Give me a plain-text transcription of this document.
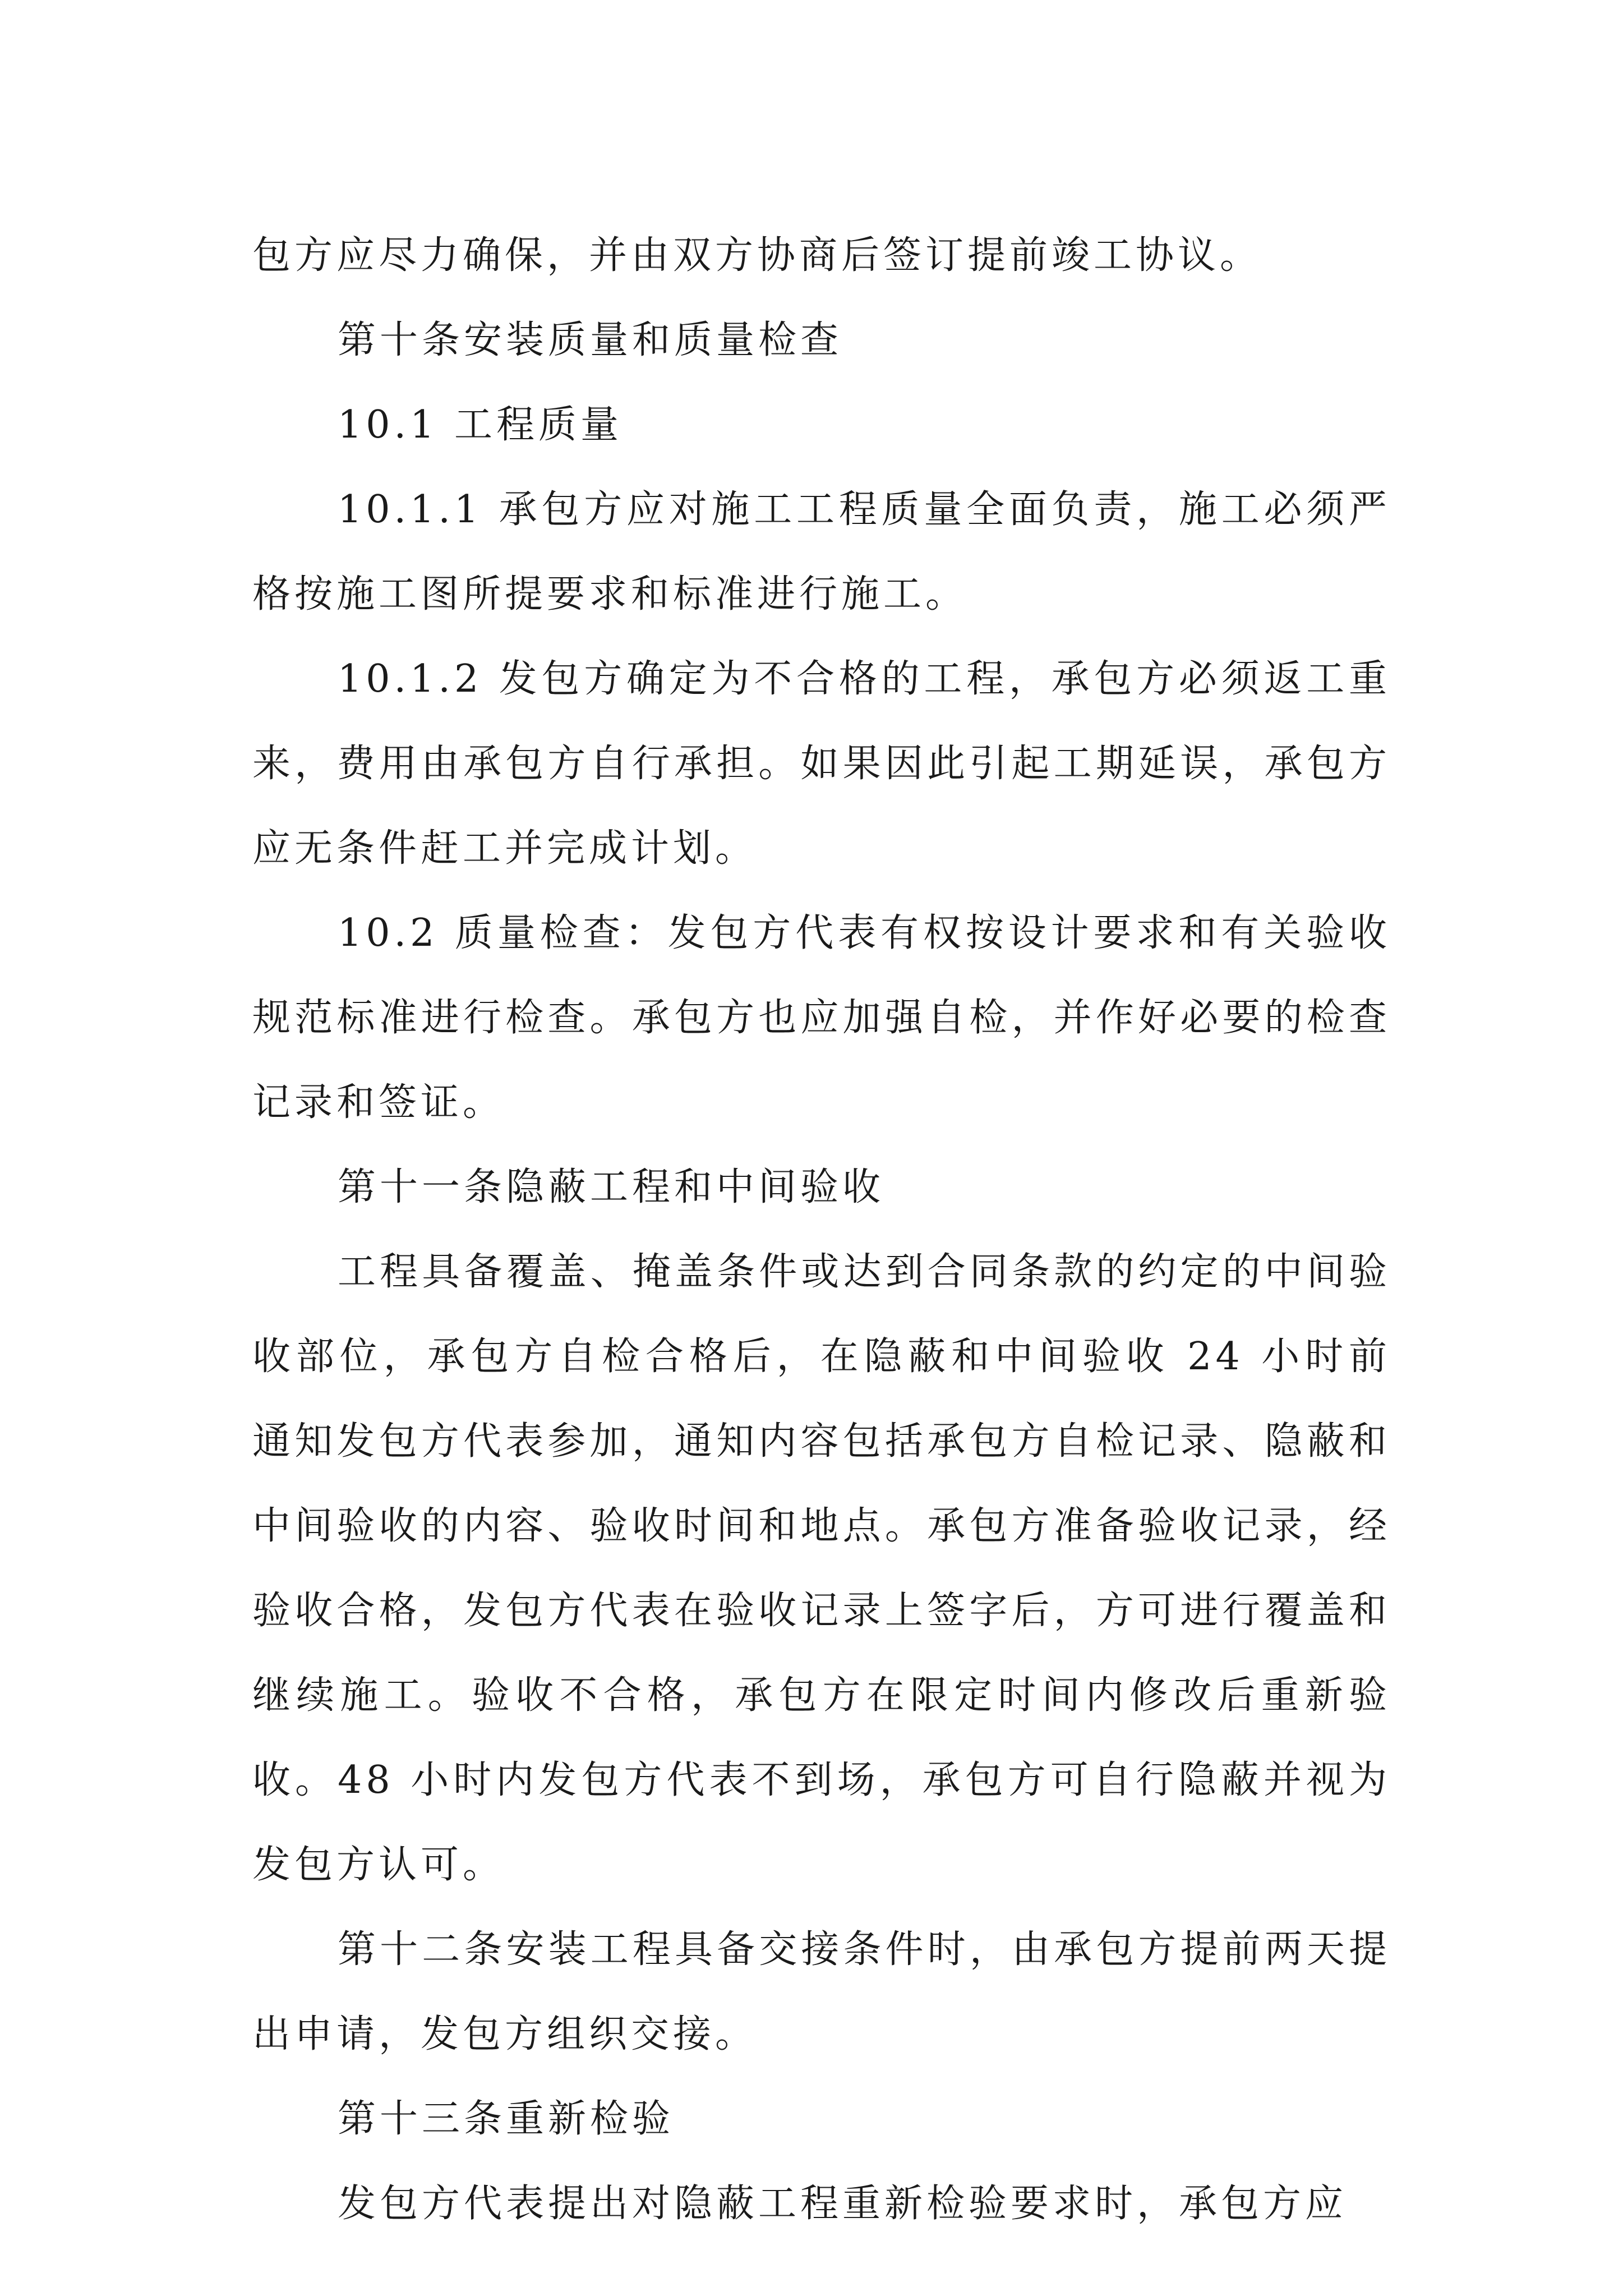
包方应尽力确保，并由双方协商后签订提前竣工协议。

第十条安装质量和质量检查

10.1 工程质量

10.1.1 承包方应对施工工程质量全面负责，施工必须严格按施工图所提要求和标准进行施工。

10.1.2 发包方确定为不合格的工程，承包方必须返工重来，费用由承包方自行承担。如果因此引起工期延误，承包方应无条件赶工并完成计划。

10.2 质量检查：发包方代表有权按设计要求和有关验收规范标准进行检查。承包方也应加强自检，并作好必要的检查记录和签证。

第十一条隐蔽工程和中间验收

工程具备覆盖、掩盖条件或达到合同条款的约定的中间验收部位，承包方自检合格后，在隐蔽和中间验收 24 小时前通知发包方代表参加，通知内容包括承包方自检记录、隐蔽和中间验收的内容、验收时间和地点。承包方准备验收记录，经验收合格，发包方代表在验收记录上签字后，方可进行覆盖和继续施工。验收不合格，承包方在限定时间内修改后重新验收。48 小时内发包方代表不到场，承包方可自行隐蔽并视为发包方认可。

第十二条安装工程具备交接条件时，由承包方提前两天提出申请，发包方组织交接。

第十三条重新检验

发包方代表提出对隐蔽工程重新检验要求时，承包方应
